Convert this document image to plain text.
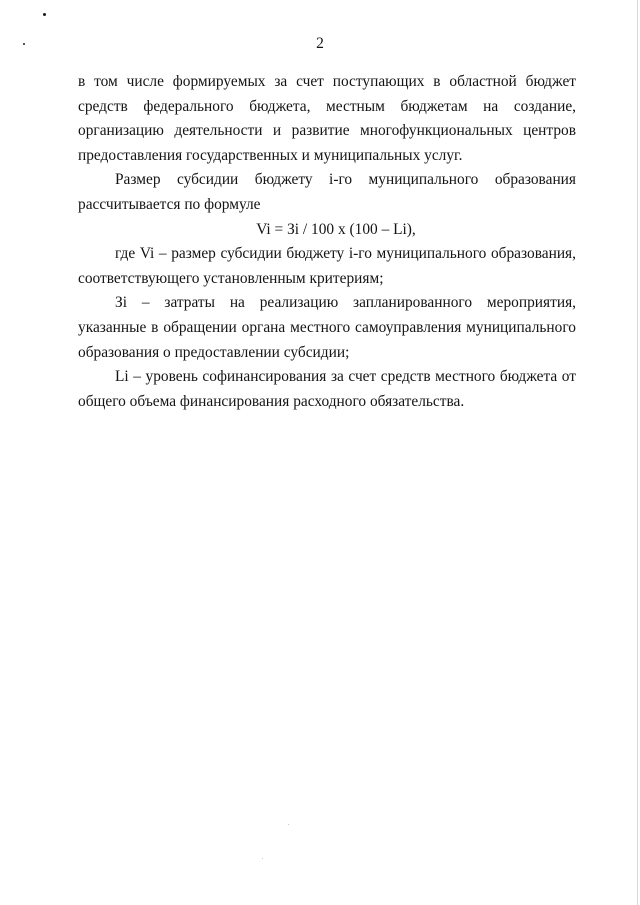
2

в том числе формируемых за счет поступающих в областной бюджет средств федерального бюджета, местным бюджетам на создание, организацию деятельности и развитие многофункциональных центров предоставления государственных и муниципальных услуг.

Размер субсидии бюджету i-го муниципального образования рассчитывается по формуле

Vi = Зi / 100 х (100 – Li),

где Vi – размер субсидии бюджету i-го муниципального образования, соответствующего установленным критериям;

Зi – затраты на реализацию запланированного мероприятия, указанные в обращении органа местного самоуправления муниципального образования о предоставлении субсидии;

Li – уровень софинансирования за счет средств местного бюджета от общего объема финансирования расходного обязательства.
